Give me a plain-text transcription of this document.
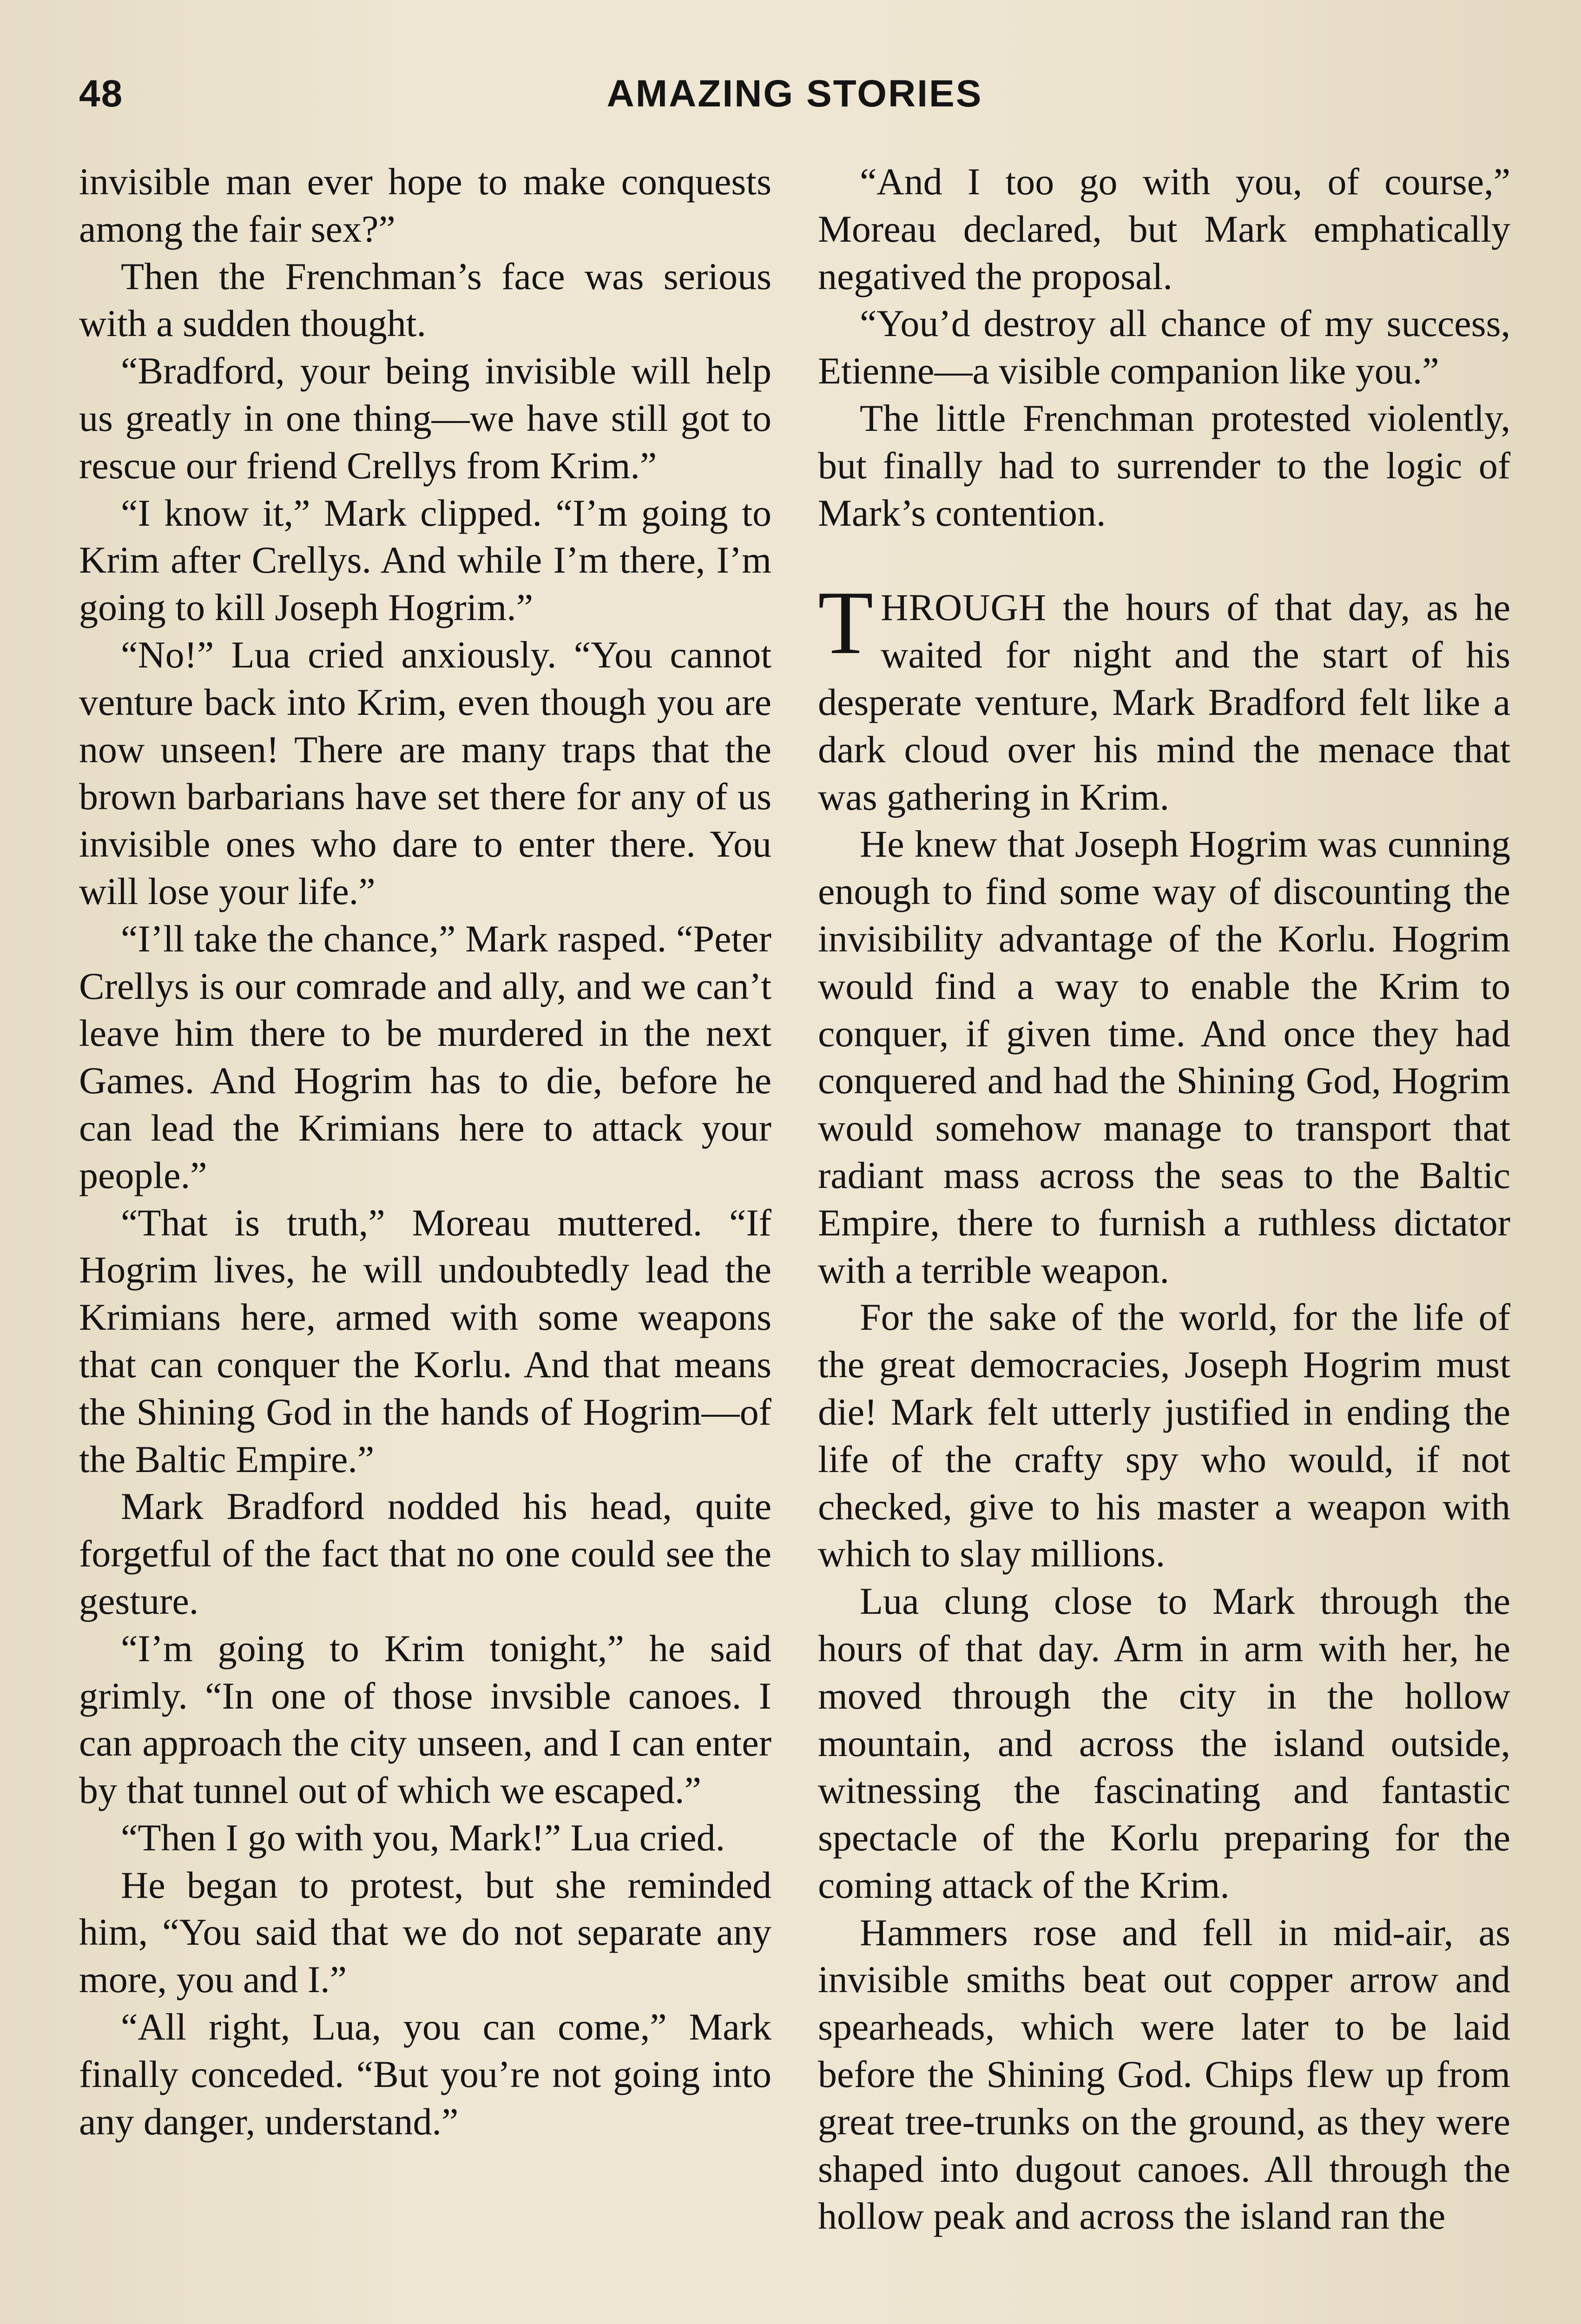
48	AMAZING STORIES

invisible man ever hope to make conquests among the fair sex?”

Then the Frenchman’s face was serious with a sudden thought.

“Bradford, your being invisible will help us greatly in one thing—we have still got to rescue our friend Crellys from Krim.”

“I know it,” Mark clipped. “I’m going to Krim after Crellys. And while I’m there, I’m going to kill Joseph Hogrim.”

“No!” Lua cried anxiously. “You cannot venture back into Krim, even though you are now unseen! There are many traps that the brown barbarians have set there for any of us invisible ones who dare to enter there. You will lose your life.”

“I’ll take the chance,” Mark rasped. “Peter Crellys is our comrade and ally, and we can’t leave him there to be murdered in the next Games. And Hogrim has to die, before he can lead the Krimians here to attack your people.”

“That is truth,” Moreau muttered. “If Hogrim lives, he will undoubtedly lead the Krimians here, armed with some weapons that can conquer the Korlu. And that means the Shining God in the hands of Hogrim—of the Baltic Empire.”

Mark Bradford nodded his head, quite forgetful of the fact that no one could see the gesture.

“I’m going to Krim tonight,” he said grimly. “In one of those invsible canoes. I can approach the city unseen, and I can enter by that tunnel out of which we escaped.”

“Then I go with you, Mark!” Lua cried.

He began to protest, but she reminded him, “You said that we do not separate any more, you and I.”

“All right, Lua, you can come,” Mark finally conceded. “But you’re not going into any danger, understand.”

“And I too go with you, of course,” Moreau declared, but Mark emphatically negatived the proposal.

“You’d destroy all chance of my success, Etienne—a visible companion like you.”

The little Frenchman protested violently, but finally had to surrender to the logic of Mark’s contention.

THROUGH the hours of that day, as he waited for night and the start of his desperate venture, Mark Bradford felt like a dark cloud over his mind the menace that was gathering in Krim.

He knew that Joseph Hogrim was cunning enough to find some way of discounting the invisibility advantage of the Korlu. Hogrim would find a way to enable the Krim to conquer, if given time. And once they had conquered and had the Shining God, Hogrim would somehow manage to transport that radiant mass across the seas to the Baltic Empire, there to furnish a ruthless dictator with a terrible weapon.

For the sake of the world, for the life of the great democracies, Joseph Hogrim must die! Mark felt utterly justified in ending the life of the crafty spy who would, if not checked, give to his master a weapon with which to slay millions.

Lua clung close to Mark through the hours of that day. Arm in arm with her, he moved through the city in the hollow mountain, and across the island outside, witnessing the fascinating and fantastic spectacle of the Korlu preparing for the coming attack of the Krim.

Hammers rose and fell in mid-air, as invisible smiths beat out copper arrow and spearheads, which were later to be laid before the Shining God. Chips flew up from great tree-trunks on the ground, as they were shaped into dugout canoes. All through the hollow peak and across the island ran the
